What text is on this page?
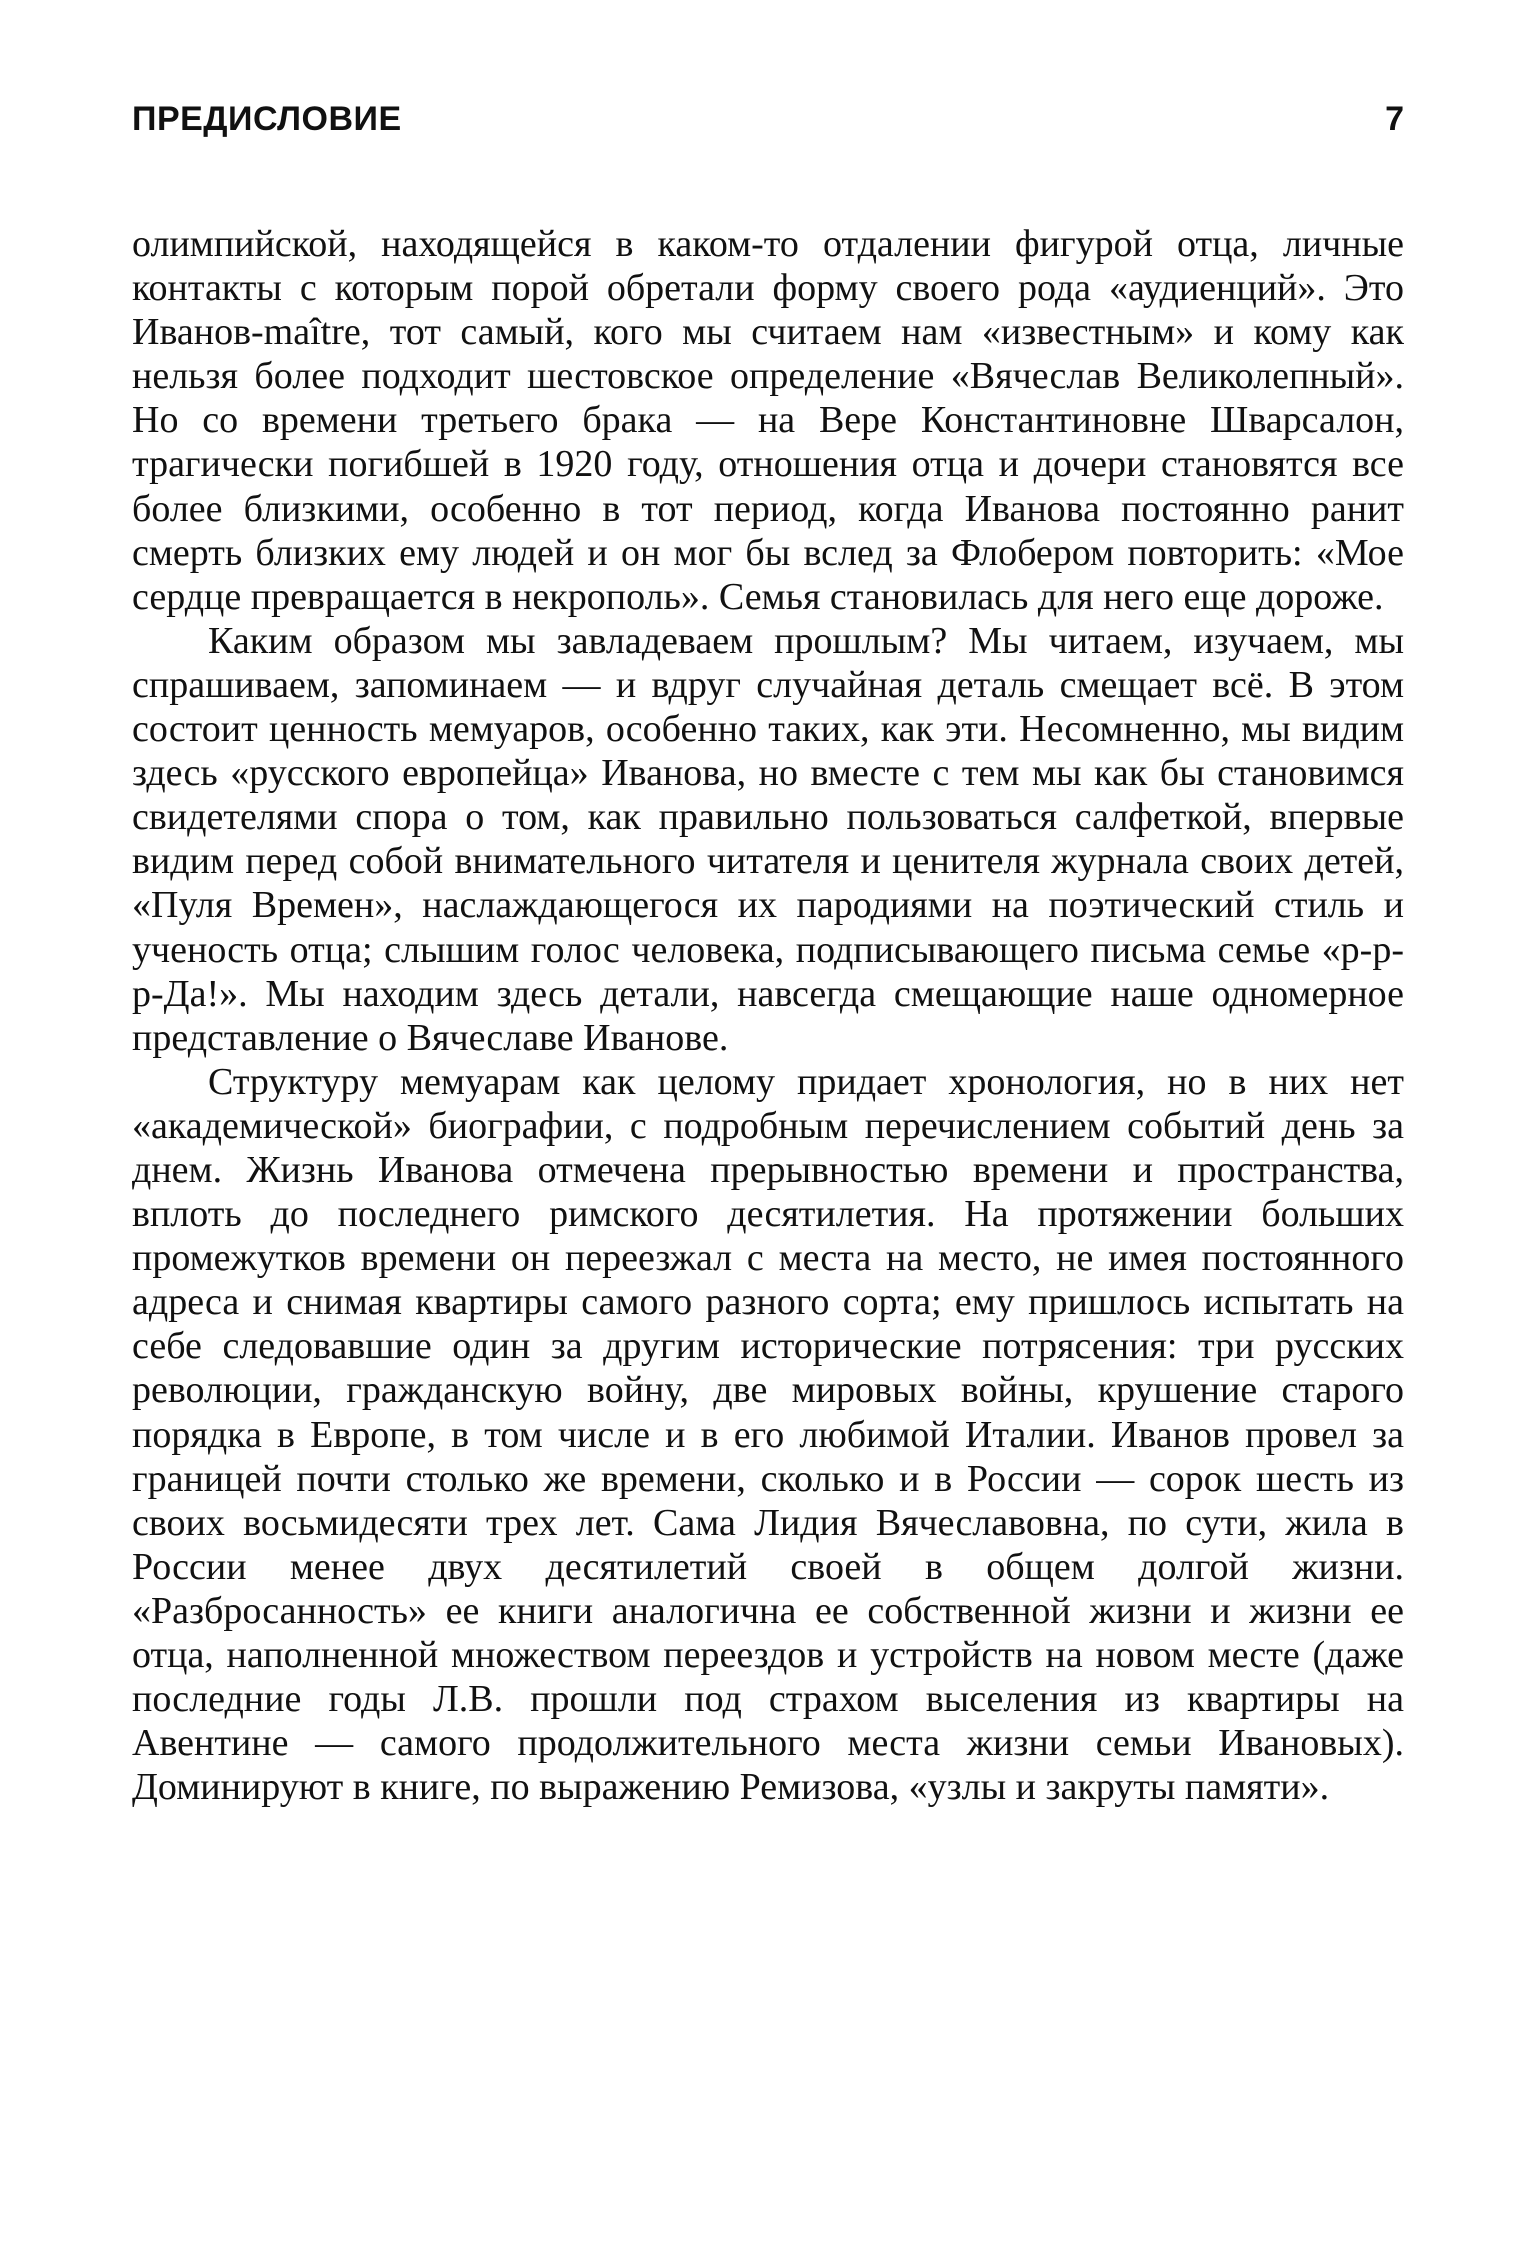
ПРЕДИСЛОВИЕ	7

олимпийской, находящейся в каком-то отдалении фигурой отца, личные контакты с которым порой обретали форму своего рода «аудиенций». Это Иванов-maître, тот самый, кого мы считаем нам «известным» и кому как нельзя более подходит шестовское определение «Вячеслав Великолепный». Но со времени третьего брака — на Вере Константиновне Шварсалон, трагически погибшей в 1920 году, отношения отца и дочери становятся все более близкими, особенно в тот период, когда Иванова постоянно ранит смерть близких ему людей и он мог бы вслед за Флобером повторить: «Мое сердце превращается в некрополь». Семья становилась для него еще дороже.

Каким образом мы завладеваем прошлым? Мы читаем, изучаем, мы спрашиваем, запоминаем — и вдруг случайная деталь смещает всё. В этом состоит ценность мемуаров, особенно таких, как эти. Несомненно, мы видим здесь «русского европейца» Иванова, но вместе с тем мы как бы становимся свидетелями спора о том, как правильно пользоваться салфеткой, впервые видим перед собой внимательного читателя и ценителя журнала своих детей, «Пуля Времен», наслаждающегося их пародиями на поэтический стиль и ученость отца; слышим голос человека, подписывающего письма семье «р-р-р-Да!». Мы находим здесь детали, навсегда смещающие наше одномерное представление о Вячеславе Иванове.

Структуру мемуарам как целому придает хронология, но в них нет «академической» биографии, с подробным перечислением событий день за днем. Жизнь Иванова отмечена прерывностью времени и пространства, вплоть до последнего римского десятилетия. На протяжении больших промежутков времени он переезжал с места на место, не имея постоянного адреса и снимая квартиры самого разного сорта; ему пришлось испытать на себе следовавшие один за другим исторические потрясения: три русских революции, гражданскую войну, две мировых войны, крушение старого порядка в Европе, в том числе и в его любимой Италии. Иванов провел за границей почти столько же времени, сколько и в России — сорок шесть из своих восьмидесяти трех лет. Сама Лидия Вячеславовна, по сути, жила в России менее двух десятилетий своей в общем долгой жизни. «Разбросанность» ее книги аналогична ее собственной жизни и жизни ее отца, наполненной множеством переездов и устройств на новом месте (даже последние годы Л.В. прошли под страхом выселения из квартиры на Авентине — самого продолжительного места жизни семьи Ивановых). Доминируют в книге, по выражению Ремизова, «узлы и закруты памяти».
